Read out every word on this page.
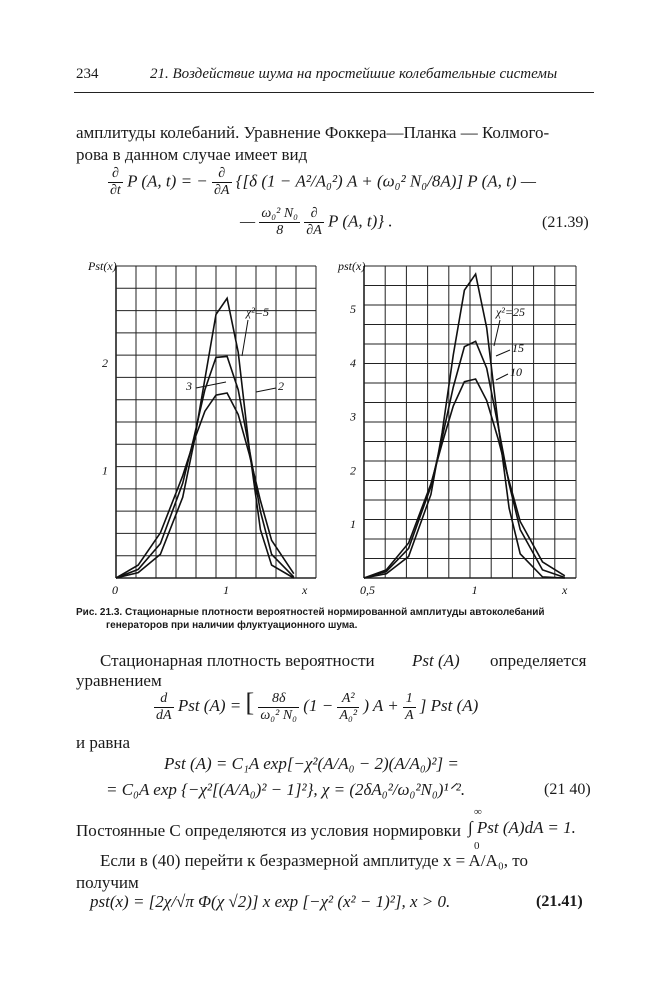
234	21. Воздействие шума на простейшие колебательные системы
амплитуды колебаний. Уравнение Фоккера—Планка — Колмого-
рова в данном случае имеет вид
$\frac{\partial}{\partial t}$ P (A, t) = − $\frac{\partial}{\partial A} \{[\delta$ (1 − A²/A₀²) A + (ω₀² N₀/8A)] P (A, t) —
— $\frac{\text{ω₀² N₀}}{8}$
$\frac{\partial}{\partial A}$ P (A, t)} .	(21.39)
Pst(x)
x
0	1
1
2
χ²=5
3	2
pst(x)
x
0,5	1
1
2
3
4
5	χ²=25
15
10
Рис. 21.3. Стационарные плотности вероятностей нормированной амплитуды автоколебаний
генераторов при наличии флуктуационного шума.
Стационарная плотность вероятности Pst (A) определяется
уравнением
$\frac{d}{dA}$ Pst (A) = [ $\frac{8\delta}{\text{ω₀² N₀}} (1 - \frac{\text{A²}}{\text{A₀²}}$ ) $A + \frac{1}{A}$ ] Pst (A)
и равна
Pst (A) = C₁A exp[−χ²(A/A₀ − 2)(A/A₀)²] =
= C₀A exp {−χ²[(A/A₀)² − 1]²}, χ = (2δA₀²/ω₀²N₀)¹ᐟ².	(21 40)
Постоянные C определяются из условия нормировки
∞
0
∫ Pst (A)dA = 1.
Если в (40) перейти к безразмерной амплитуде x = A/A₀, то
получим
pst(x) = [2χ/√π Φ(χ √2)] x exp [−χ² (x² − 1)²], x > 0.	(21.41)
